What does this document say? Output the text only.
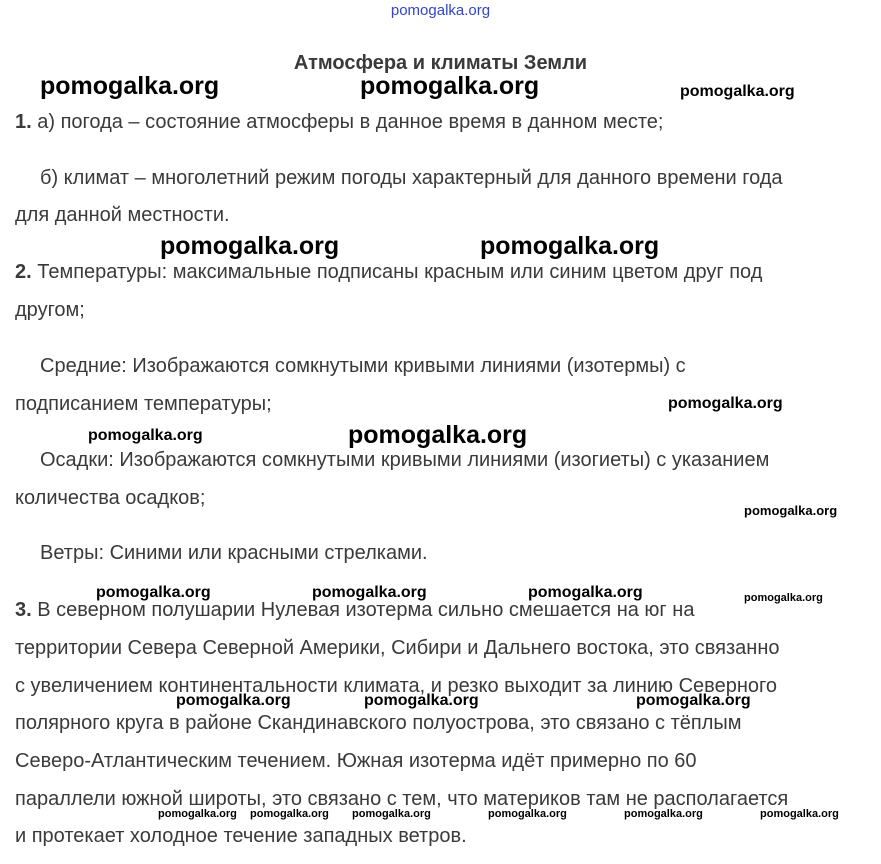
pomogalka.org
Атмосфера и климаты Земли
1. а) погода – состояние атмосферы в данное время в данном месте;
б) климат – многолетний режим погоды характерный для данного времени года
для данной местности.
2. Температуры: максимальные подписаны красным или синим цветом друг под
другом;
Средние: Изображаются сомкнутыми кривыми линиями (изотермы) с
подписанием температуры;
Осадки: Изображаются сомкнутыми кривыми линиями (изогиеты) с указанием
количества осадков;
Ветры: Синими или красными стрелками.
3. В северном полушарии Нулевая изотерма сильно смешается на юг на
территории Севера Северной Америки, Сибири и Дальнего востока, это связанно
с увеличением континентальности климата, и резко выходит за линию Северного
полярного круга в районе Скандинавского полуострова, это связано с тёплым
Северо-Атлантическим течением. Южная изотерма идёт примерно по 60
параллели южной широты, это связано с тем, что материков там не располагается
и протекает холодное течение западных ветров.
pomogalka.org	pomogalka.org	pomogalka.org
pomogalka.org	pomogalka.org
pomogalka.org
pomogalka.org	pomogalka.org
pomogalka.org
pomogalka.org	pomogalka.org	pomogalka.org	pomogalka.org
pomogalka.org	pomogalka.org	pomogalka.org
pomogalka.org pomogalka.org pomogalka.org	pomogalka.org	pomogalka.org	pomogalka.org
